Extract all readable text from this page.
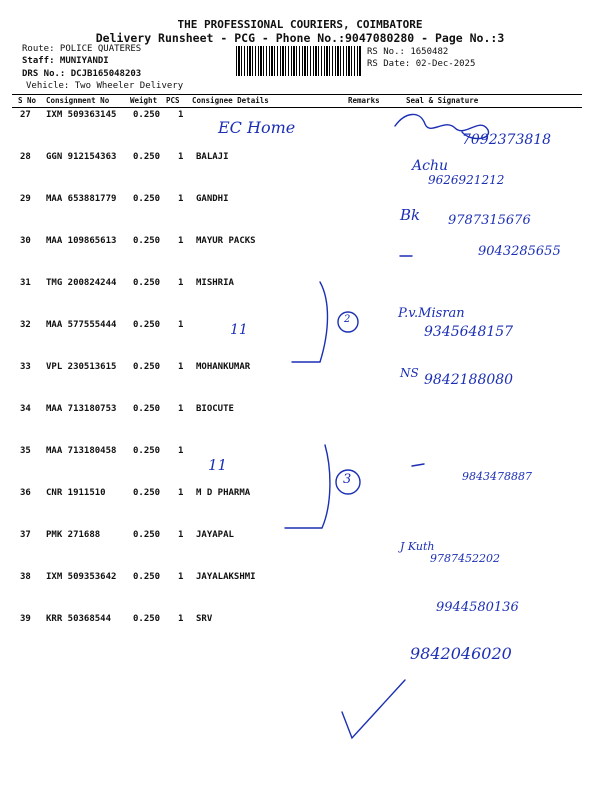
THE PROFESSIONAL COURIERS, COIMBATORE
Delivery Runsheet - PCG - Phone No.:9047080280 - Page No.:3
Route: POLICE QUATERES
Staff: MUNIYANDI
DRS No.: DCJB165048203
Vehicle: Two Wheeler Delivery
RS No.: 1650482
RS Date: 02-Dec-2025
S No Consignment No	Weight PCS Consignee Details	Remarks	Seal & Signature
27 IXM 509363145 0.250 1
28 GGN 912154363 0.250 1 BALAJI
29 MAA 653881779 0.250 1 GANDHI
30 MAA 109865613 0.250 1 MAYUR PACKS
31 TMG 200824244 0.250 1 MISHRIA
32 MAA 577555444 0.250 1
33 VPL 230513615 0.250 1 MOHANKUMAR
34 MAA 713180753 0.250 1 BIOCUTE
35 MAA 713180458 0.250 1
36 CNR 1911510	0.250 1 M D PHARMA
37 PMK 271688	0.250 1 JAYAPAL
38 IXM 509353642 0.250 1 JAYALAKSHMI
39 KRR 50368544 0.250 1 SRV
EC Home
7092373818
Achu
9626921212
Bk 9787315676
9043285655
P.v.Misran
9345648157
NS 9842188080
9843478887
J Kuth
9787452202
9944580136
9842046020
2
3
11
11
